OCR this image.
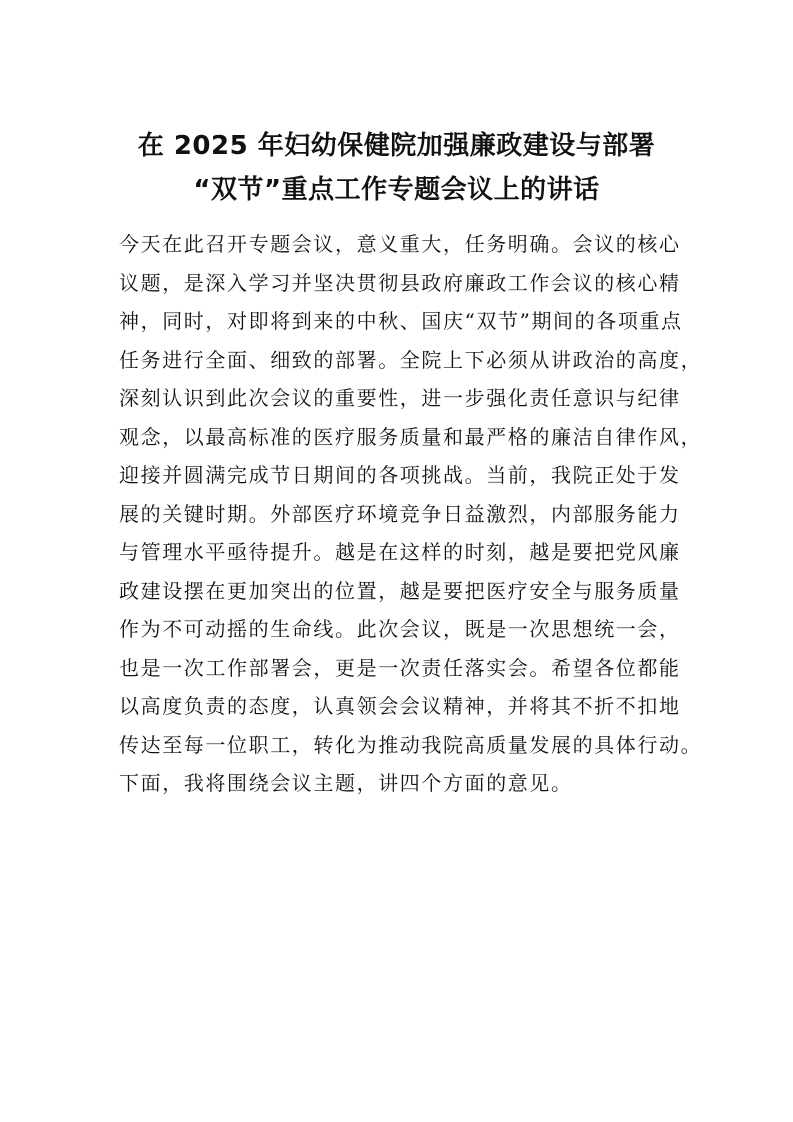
在 2025 年妇幼保健院加强廉政建设与部署
“双节”重点工作专题会议上的讲话
今天在此召开专题会议，意义重大，任务明确。会议的核心
议题，是深入学习并坚决贯彻县政府廉政工作会议的核心精
神，同时，对即将到来的中秋、国庆“双节”期间的各项重点
任务进行全面、细致的部署。全院上下必须从讲政治的高度，
深刻认识到此次会议的重要性，进一步强化责任意识与纪律
观念，以最高标准的医疗服务质量和最严格的廉洁自律作风，
迎接并圆满完成节日期间的各项挑战。当前，我院正处于发
展的关键时期。外部医疗环境竞争日益激烈，内部服务能力
与管理水平亟待提升。越是在这样的时刻，越是要把党风廉
政建设摆在更加突出的位置，越是要把医疗安全与服务质量
作为不可动摇的生命线。此次会议，既是一次思想统一会，
也是一次工作部署会，更是一次责任落实会。希望各位都能
以高度负责的态度，认真领会会议精神，并将其不折不扣地
传达至每一位职工，转化为推动我院高质量发展的具体行动。
下面，我将围绕会议主题，讲四个方面的意见。
